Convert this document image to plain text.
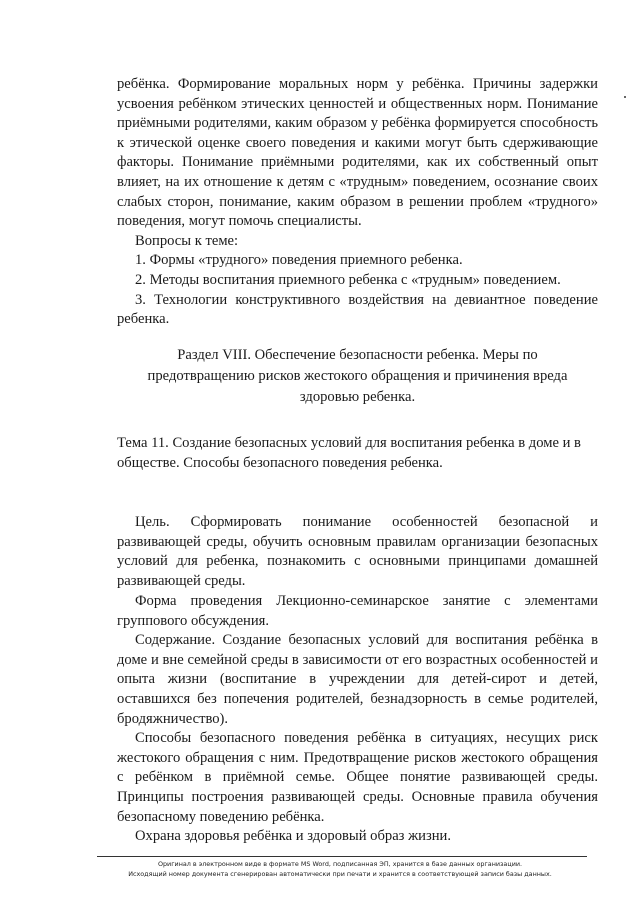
ребёнка. Формирование моральных норм у ребёнка. Причины задержки усвоения ребёнком этических ценностей и общественных норм. Понимание приёмными родителями, каким образом у ребёнка формируется способность к этической оценке своего поведения и какими могут быть сдерживающие факторы. Понимание приёмными родителями, как их собственный опыт влияет, на их отношение к детям с «трудным» поведением, осознание своих слабых сторон, понимание, каким образом в решении проблем «трудного» поведения, могут помочь специалисты.

Вопросы к теме:

1. Формы «трудного» поведения приемного ребенка.

2. Методы воспитания приемного ребенка с «трудным» поведением.

3. Технологии конструктивного воздействия на девиантное поведение ребенка.

Раздел VIII. Обеспечение безопасности ребенка. Меры по
предотвращению рисков жестокого обращения и причинения вреда
здоровью ребенка.
Тема 11. Создание безопасных условий для воспитания ребенка в доме и в обществе. Способы безопасного поведения ребенка.

Цель. Сформировать понимание особенностей безопасной и развивающей среды, обучить основным правилам организации безопасных условий для ребенка, познакомить с основными принципами домашней развивающей среды.

Форма проведения Лекционно-семинарское занятие с элементами группового обсуждения.

Содержание. Создание безопасных условий для воспитания ребёнка в доме и вне семейной среды в зависимости от его возрастных особенностей и опыта жизни (воспитание в учреждении для детей-сирот и детей, оставшихся без попечения родителей, безнадзорность в семье родителей, бродяжничество).

Способы безопасного поведения ребёнка в ситуациях, несущих риск жестокого обращения с ним. Предотвращение рисков жестокого обращения с ребёнком в приёмной семье. Общее понятие развивающей среды. Принципы построения развивающей среды. Основные правила обучения безопасному поведению ребёнка.

Охрана здоровья ребёнка и здоровый образ жизни.

Оригинал в электронном виде в формате MS Word, подписанная ЭП, хранится в базе данных организации.
Исходящий номер документа сгенерирован автоматически при печати и хранится в соответствующей записи базы данных.
